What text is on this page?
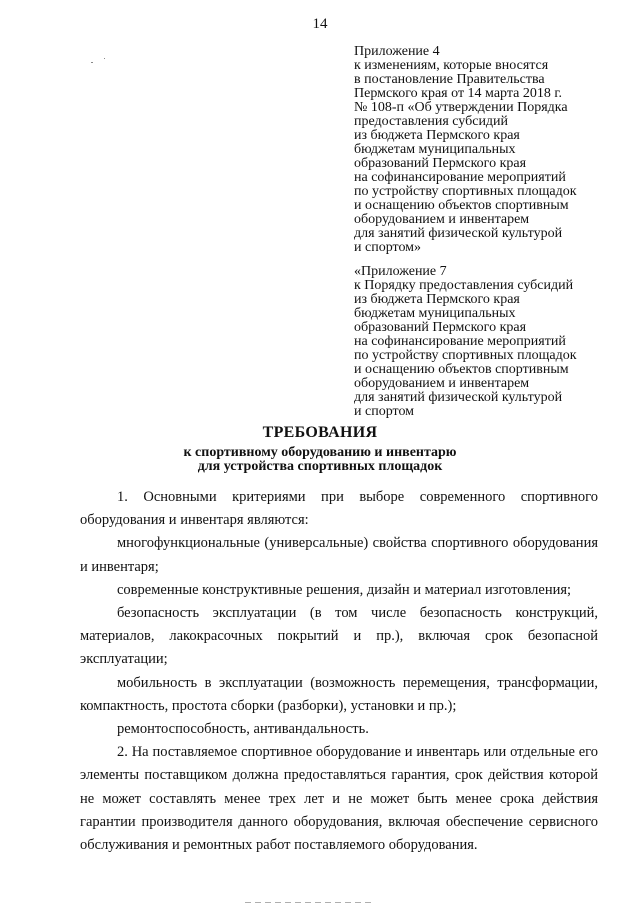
14
Приложение 4
к изменениям, которые вносятся
в постановление Правительства
Пермского края от 14 марта 2018 г.
№ 108-п «Об утверждении Порядка
предоставления субсидий
из бюджета Пермского края
бюджетам муниципальных
образований Пермского края
на софинансирование мероприятий
по устройству спортивных площадок
и оснащению объектов спортивным
оборудованием и инвентарем
для занятий физической культурой
и спортом»
«Приложение 7
к Порядку предоставления субсидий
из бюджета Пермского края
бюджетам муниципальных
образований Пермского края
на софинансирование мероприятий
по устройству спортивных площадок
и оснащению объектов спортивным
оборудованием и инвентарем
для занятий физической культурой
и спортом
ТРЕБОВАНИЯ
к спортивному оборудованию и инвентарю
для устройства спортивных площадок

1. Основными критериями при выборе современного спортивного оборудования и инвентаря являются:

многофункциональные (универсальные) свойства спортивного оборудования и инвентаря;

современные конструктивные решения, дизайн и материал изготовления;

безопасность эксплуатации (в том числе безопасность конструкций, материалов, лакокрасочных покрытий и пр.), включая срок безопасной эксплуатации;

мобильность в эксплуатации (возможность перемещения, трансформации, компактность, простота сборки (разборки), установки и пр.);

ремонтоспособность, антивандальность.

2. На поставляемое спортивное оборудование и инвентарь или отдельные его элементы поставщиком должна предоставляться гарантия, срок действия которой не может составлять менее трех лет и не может быть менее срока действия гарантии производителя данного оборудования, включая обеспечение сервисного обслуживания и ремонтных работ поставляемого оборудования.
